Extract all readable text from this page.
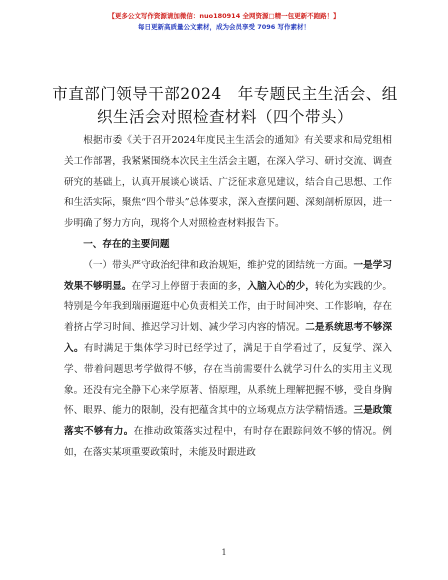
【更多公文写作资源请加微信：nuo180914 全网资源□精一包更新不跑路！】
每日更新高质量公文素材，成为会员享受 7096 写作素材！
市直部门领导干部2024　年专题民主生活会、组织生活会对照检查材料（四个带头）

根据市委《关于召开2024年度民主生活会的通知》有关要求和局党组相关工作部署，我紧紧围绕本次民主生活会主题，在深入学习、研讨交流、调查研究的基础上，认真开展谈心谈话、广泛征求意见建议，结合自己思想、工作和生活实际，聚焦“四个带头”总体要求，深入查摆问题、深刻剖析原因，进一步明确了努力方向，现将个人对照检查材料报告下。

一、存在的主要问题

（一）带头严守政治纪律和政治规矩，维护党的团结统一方面。一是学习效果不够明显。在学习上停留于表面的多，入脑入心的少，转化为实践的少。特别是今年我到瑞丽遛逛中心负责相关工作，由于时间冲突、工作影响，存在着挤占学习时间、推迟学习计划、减少学习内容的情况。二是系统思考不够深入。有时满足于集体学习时已经学过了，满足于自学看过了，反复学、深入学、带着问题思考学做得不够，存在当前需要什么就学习什么的实用主义现象。还没有完全静下心来学原著、悟原理，从系统上理解把握不够，受自身胸怀、眼界、能力的限制，没有把蕴含其中的立场观点方法学精悟透。三是政策落实不够有力。在推动政策落实过程中，有时存在跟踪问效不够的情况。例如，在落实某项重要政策时，未能及时跟进政

1
